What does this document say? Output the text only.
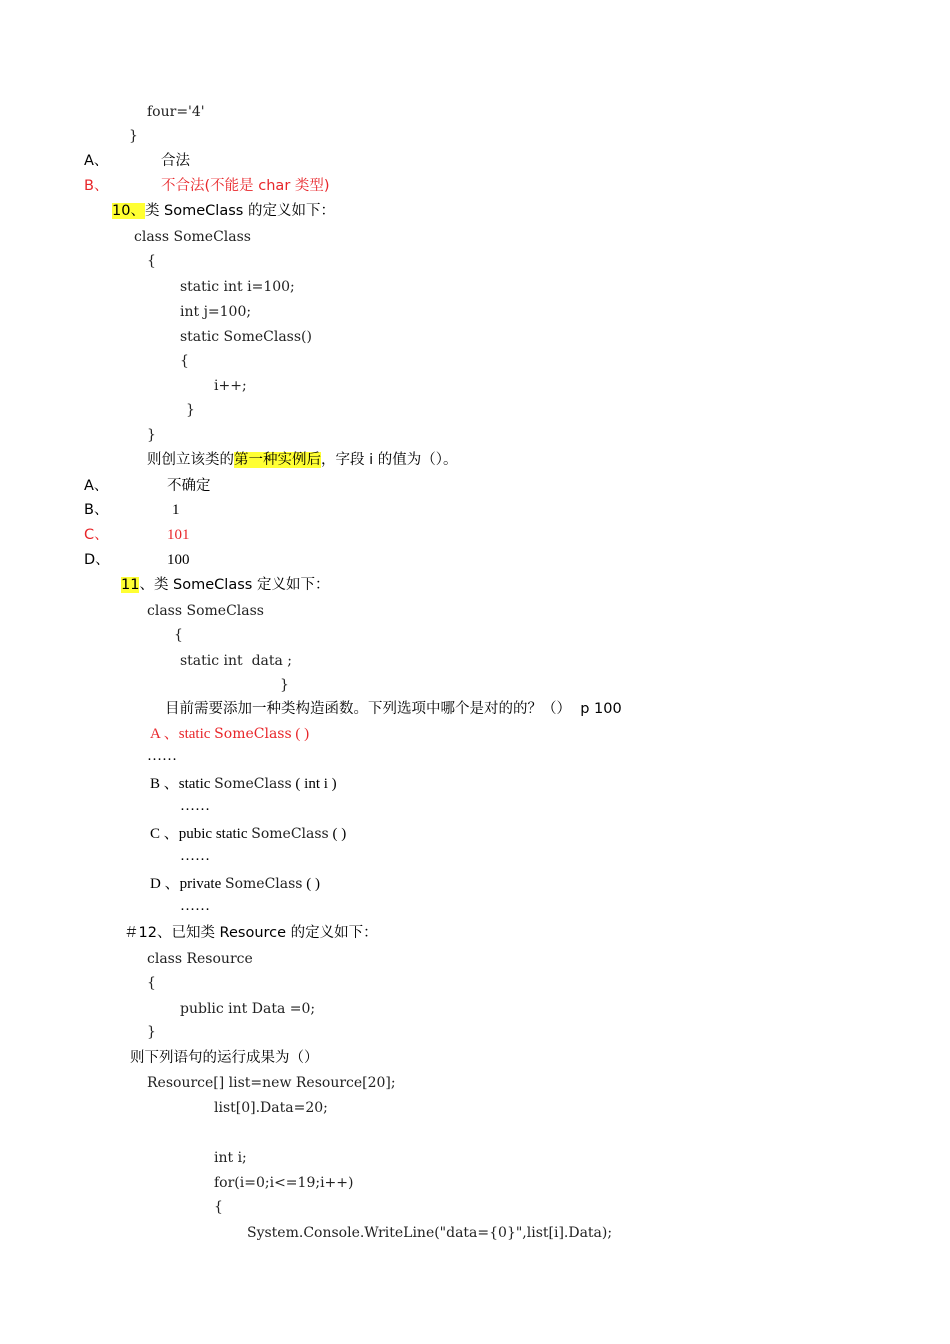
four='4'
}
A、	合法
B、	不合法(不能是 char 类型)
10、类 SomeClass 的定义如下：
class SomeClass
{
static int i=100;
int j=100;
static SomeClass()
{
i++;
}
}
则创立该类的第一种实例后，字段 i 的值为（）。
A、	不确定
B、	1
C、	101
D、	100
11、类 SomeClass 定义如下：
class SomeClass
{
static int  data ;
}
目前需要添加一种类构造函数。下列选项中哪个是对的的？（）  p 100
A 、static SomeClass ( )
……
B 、static SomeClass ( int i )
……
C 、pubic static SomeClass ( )
……
D 、private SomeClass ( )
……
＃12、已知类 Resource 的定义如下：
class Resource
{
public int Data =0;
}
则下列语句的运行成果为（）
Resource[] list=new Resource[20];
list[0].Data=20;
int i;
for(i=0;i<=19;i++)
{
System.Console.WriteLine("data={0}",list[i].Data);
